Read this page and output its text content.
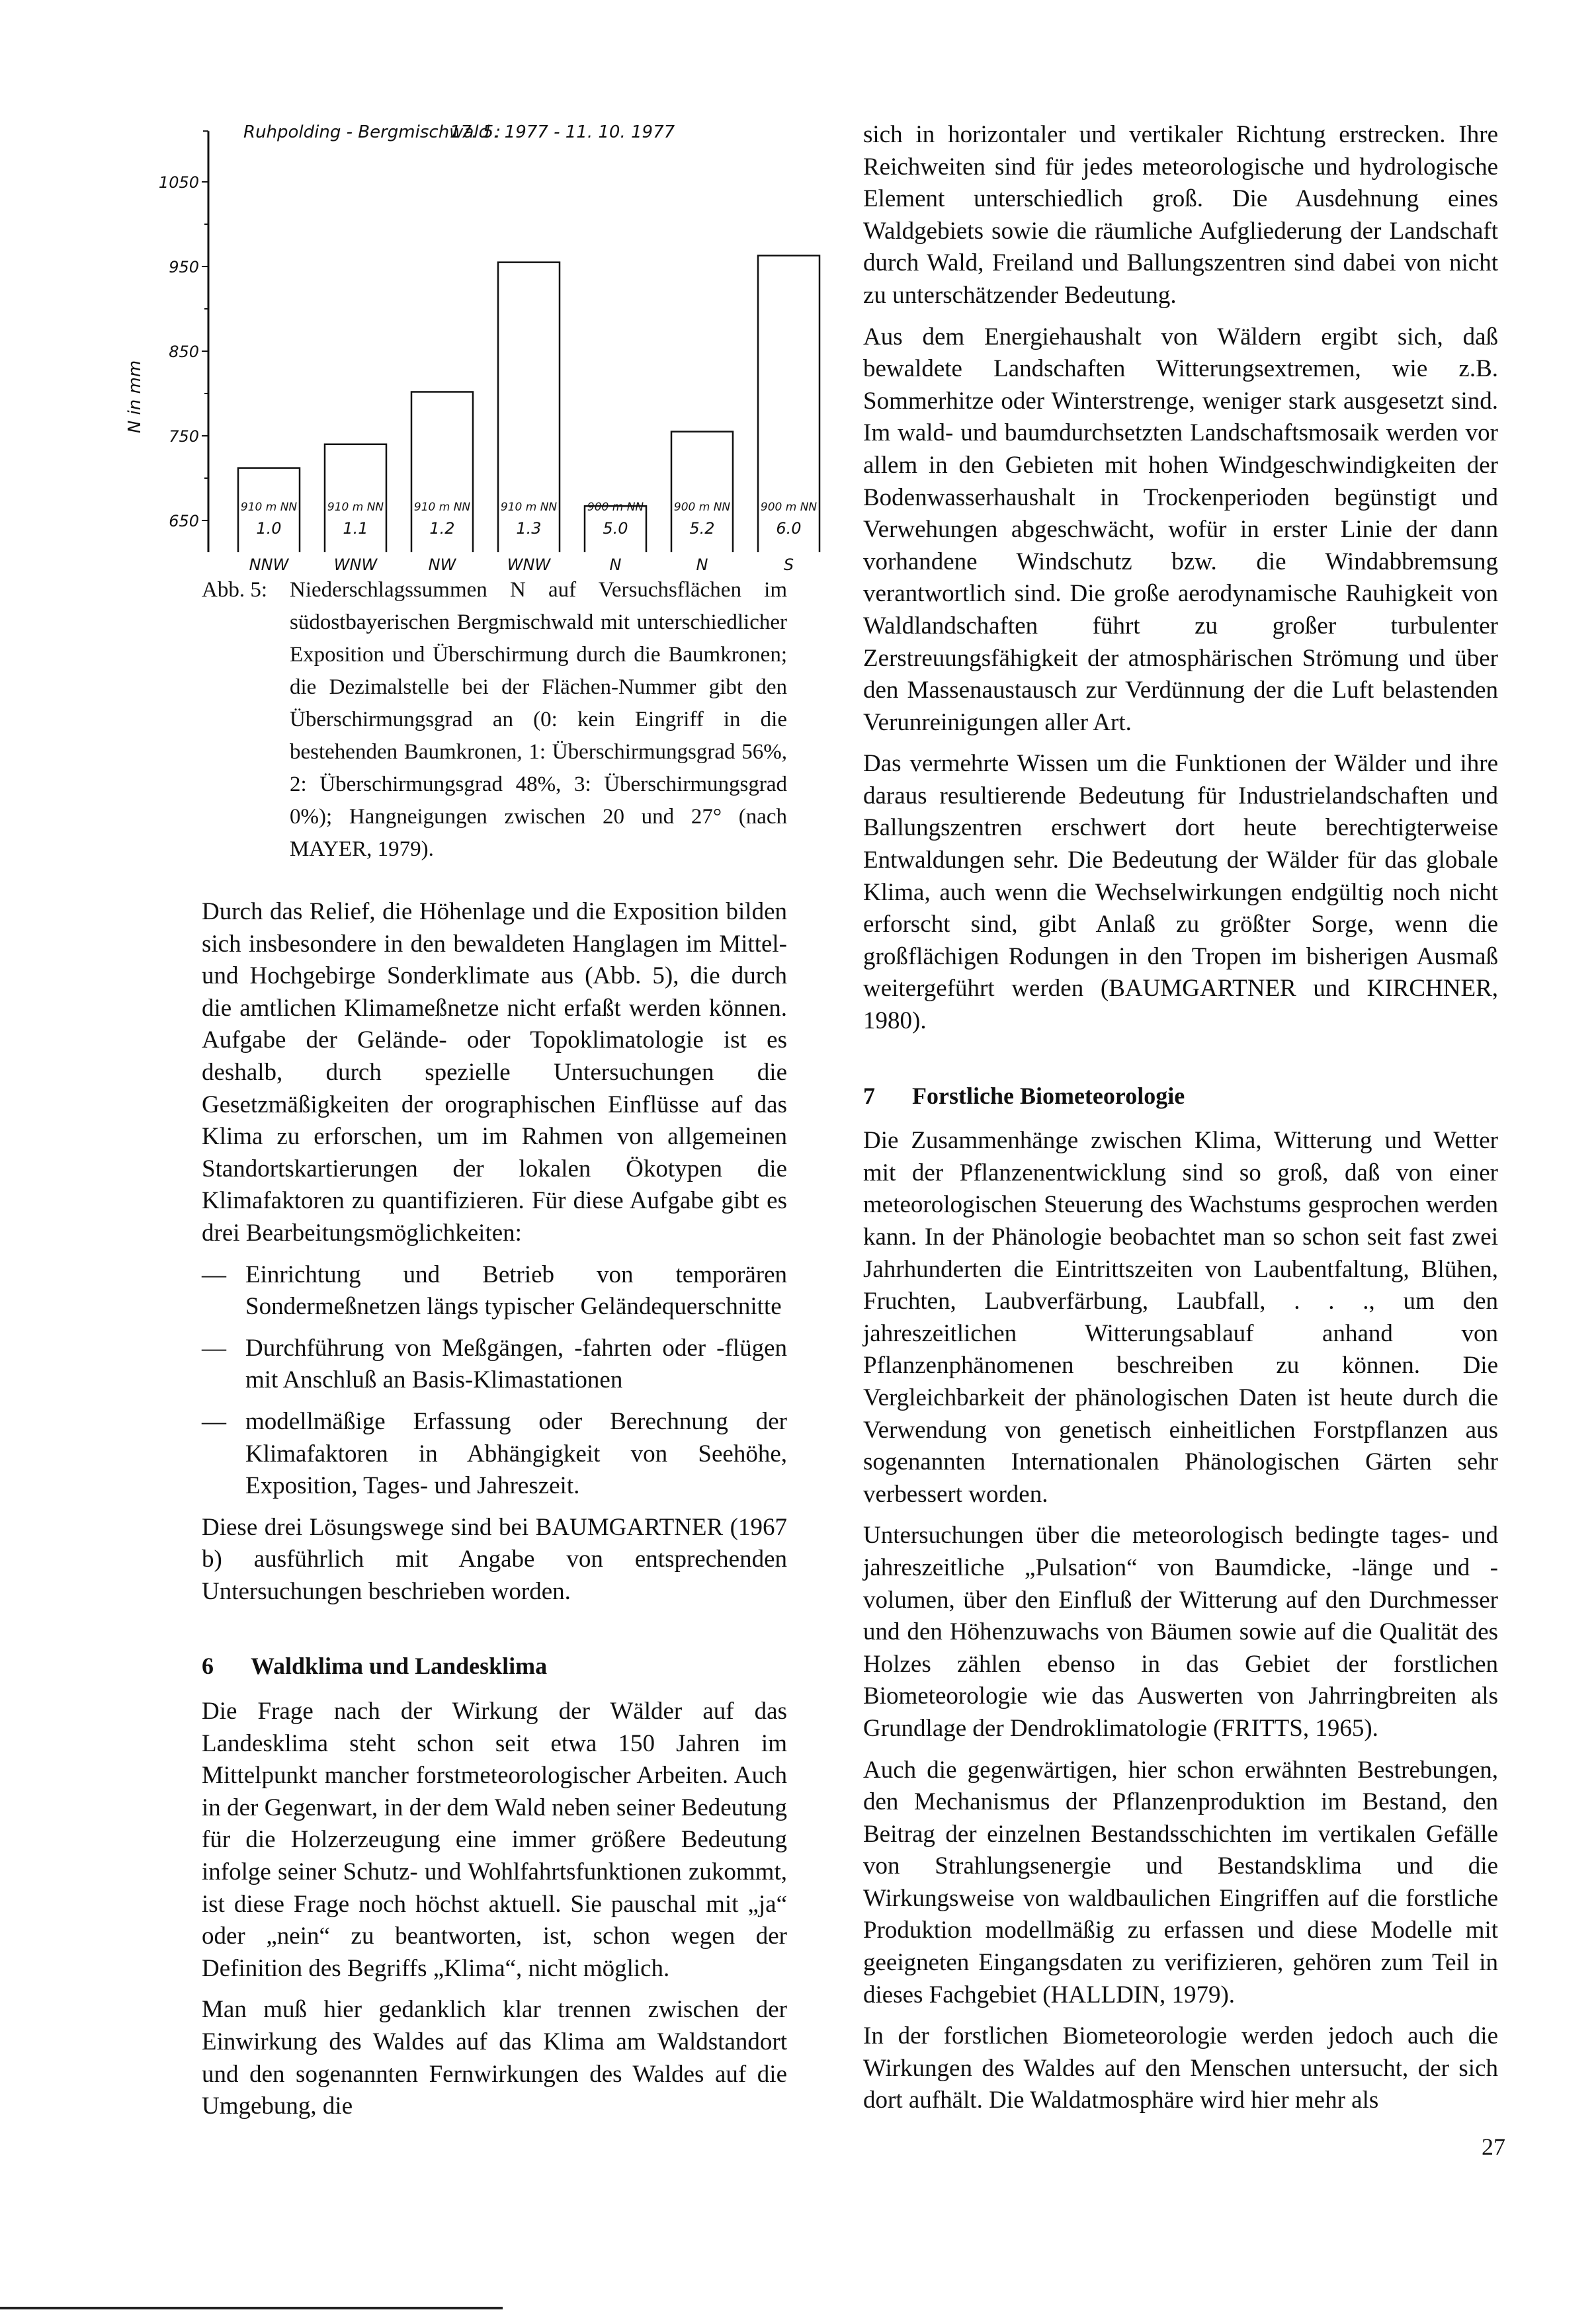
Ruhpolding - Bergmischwald :
17. 5. 1977 - 11. 10. 1977
N in mm
650
750
850
950
1050
910 m NN
1.0
NNW
910 m NN
1.1
WNW
910 m NN
1.2
NW
910 m NN
1.3
WNW
900 m NN
5.0
N
900 m NN
5.2
N
900 m NN
6.0
S
Abb. 5: Niederschlagssummen N auf Versuchsflächen im südostbayerischen Bergmischwald mit unterschiedlicher Exposition und Überschirmung durch die Baumkronen; die Dezimalstelle bei der Flächen-Nummer gibt den Überschirmungsgrad an (0: kein Eingriff in die bestehenden Baumkronen, 1: Überschirmungsgrad 56%, 2: Überschirmungsgrad 48%, 3: Überschirmungsgrad 0%); Hangneigungen zwischen 20 und 27° (nach MAYER, 1979).

Durch das Relief, die Höhenlage und die Exposition bilden sich insbesondere in den bewaldeten Hanglagen im Mittel- und Hochgebirge Sonderklimate aus (Abb. 5), die durch die amtlichen Klimameßnetze nicht erfaßt werden können. Aufgabe der Gelände- oder Topoklimatologie ist es deshalb, durch spezielle Untersuchungen die Gesetzmäßigkeiten der orographischen Einflüsse auf das Klima zu erforschen, um im Rahmen von allgemeinen Standortskartierungen der lokalen Ökotypen die Klimafaktoren zu quantifizieren. Für diese Aufgabe gibt es drei Bearbeitungsmöglichkeiten:

— Einrichtung und Betrieb von temporären Sondermeßnetzen längs typischer Geländequerschnitte
— Durchführung von Meßgängen, -fahrten oder -flügen mit Anschluß an Basis-Klimastationen
— modellmäßige Erfassung oder Berechnung der Klimafaktoren in Abhängigkeit von Seehöhe, Exposition, Tages- und Jahreszeit.

Diese drei Lösungswege sind bei BAUMGARTNER (1967 b) ausführlich mit Angabe von entsprechenden Untersuchungen beschrieben worden.

6 Waldklima und Landesklima

Die Frage nach der Wirkung der Wälder auf das Landesklima steht schon seit etwa 150 Jahren im Mittelpunkt mancher forstmeteorologischer Arbeiten. Auch in der Gegenwart, in der dem Wald neben seiner Bedeutung für die Holzerzeugung eine immer größere Bedeutung infolge seiner Schutz- und Wohlfahrtsfunktionen zukommt, ist diese Frage noch höchst aktuell. Sie pauschal mit „ja“ oder „nein“ zu beantworten, ist, schon wegen der Definition des Begriffs „Klima“, nicht möglich.

Man muß hier gedanklich klar trennen zwischen der Einwirkung des Waldes auf das Klima am Waldstandort und den sogenannten Fernwirkungen des Waldes auf die Umgebung, die

sich in horizontaler und vertikaler Richtung erstrecken. Ihre Reichweiten sind für jedes meteorologische und hydrologische Element unterschiedlich groß. Die Ausdehnung eines Waldgebiets sowie die räumliche Aufgliederung der Landschaft durch Wald, Freiland und Ballungszentren sind dabei von nicht zu unterschätzender Bedeutung.

Aus dem Energiehaushalt von Wäldern ergibt sich, daß bewaldete Landschaften Witterungsextremen, wie z.B. Sommerhitze oder Winterstrenge, weniger stark ausgesetzt sind. Im wald- und baumdurchsetzten Landschaftsmosaik werden vor allem in den Gebieten mit hohen Windgeschwindigkeiten der Bodenwasserhaushalt in Trockenperioden begünstigt und Verwehungen abgeschwächt, wofür in erster Linie der dann vorhandene Windschutz bzw. die Windabbremsung verantwortlich sind. Die große aerodynamische Rauhigkeit von Waldlandschaften führt zu großer turbulenter Zerstreuungsfähigkeit der atmosphärischen Strömung und über den Massenaustausch zur Verdünnung der die Luft belastenden Verunreinigungen aller Art.

Das vermehrte Wissen um die Funktionen der Wälder und ihre daraus resultierende Bedeutung für Industrielandschaften und Ballungszentren erschwert dort heute berechtigterweise Entwaldungen sehr. Die Bedeutung der Wälder für das globale Klima, auch wenn die Wechselwirkungen endgültig noch nicht erforscht sind, gibt Anlaß zu größter Sorge, wenn die großflächigen Rodungen in den Tropen im bisherigen Ausmaß weitergeführt werden (BAUMGARTNER und KIRCHNER, 1980).

7 Forstliche Biometeorologie

Die Zusammenhänge zwischen Klima, Witterung und Wetter mit der Pflanzenentwicklung sind so groß, daß von einer meteorologischen Steuerung des Wachstums gesprochen werden kann. In der Phänologie beobachtet man so schon seit fast zwei Jahrhunderten die Eintrittszeiten von Laubentfaltung, Blühen, Fruchten, Laubverfärbung, Laubfall, . . ., um den jahreszeitlichen Witterungsablauf anhand von Pflanzenphänomenen beschreiben zu können. Die Vergleichbarkeit der phänologischen Daten ist heute durch die Verwendung von genetisch einheitlichen Forstpflanzen aus sogenannten Internationalen Phänologischen Gärten sehr verbessert worden.

Untersuchungen über die meteorologisch bedingte tages- und jahreszeitliche „Pulsation“ von Baumdicke, -länge und -volumen, über den Einfluß der Witterung auf den Durchmesser und den Höhenzuwachs von Bäumen sowie auf die Qualität des Holzes zählen ebenso in das Gebiet der forstlichen Biometeorologie wie das Auswerten von Jahrringbreiten als Grundlage der Dendroklimatologie (FRITTS, 1965).

Auch die gegenwärtigen, hier schon erwähnten Bestrebungen, den Mechanismus der Pflanzenproduktion im Bestand, den Beitrag der einzelnen Bestandsschichten im vertikalen Gefälle von Strahlungsenergie und Bestandsklima und die Wirkungsweise von waldbaulichen Eingriffen auf die forstliche Produktion modellmäßig zu erfassen und diese Modelle mit geeigneten Eingangsdaten zu verifizieren, gehören zum Teil in dieses Fachgebiet (HALLDIN, 1979).

In der forstlichen Biometeorologie werden jedoch auch die Wirkungen des Waldes auf den Menschen untersucht, der sich dort aufhält. Die Waldatmosphäre wird hier mehr als

27
